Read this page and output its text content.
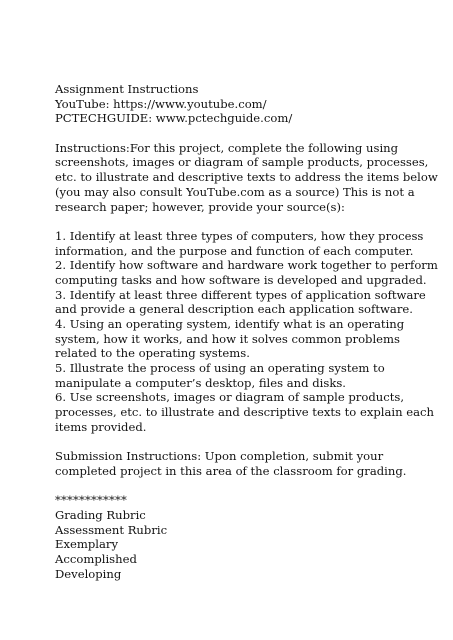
Assignment Instructions
YouTube: https://www.youtube.com/
PCTECHGUIDE: www.pctechguide.com/
Instructions:For this project, complete the following using
screenshots, images or diagram of sample products, processes,
etc. to illustrate and descriptive texts to address the items below
(you may also consult YouTube.com as a source) This is not a
research paper; however, provide your source(s):
1. Identify at least three types of computers, how they process
information, and the purpose and function of each computer.
2. Identify how software and hardware work together to perform
computing tasks and how software is developed and upgraded.
3. Identify at least three different types of application software
and provide a general description each application software.
4. Using an operating system, identify what is an operating
system, how it works, and how it solves common problems
related to the operating systems.
5. Illustrate the process of using an operating system to
manipulate a computer’s desktop, files and disks.
6. Use screenshots, images or diagram of sample products,
processes, etc. to illustrate and descriptive texts to explain each
items provided.
Submission Instructions: Upon completion, submit your
completed project in this area of the classroom for grading.
************
Grading Rubric
Assessment Rubric
Exemplary
Accomplished
Developing
